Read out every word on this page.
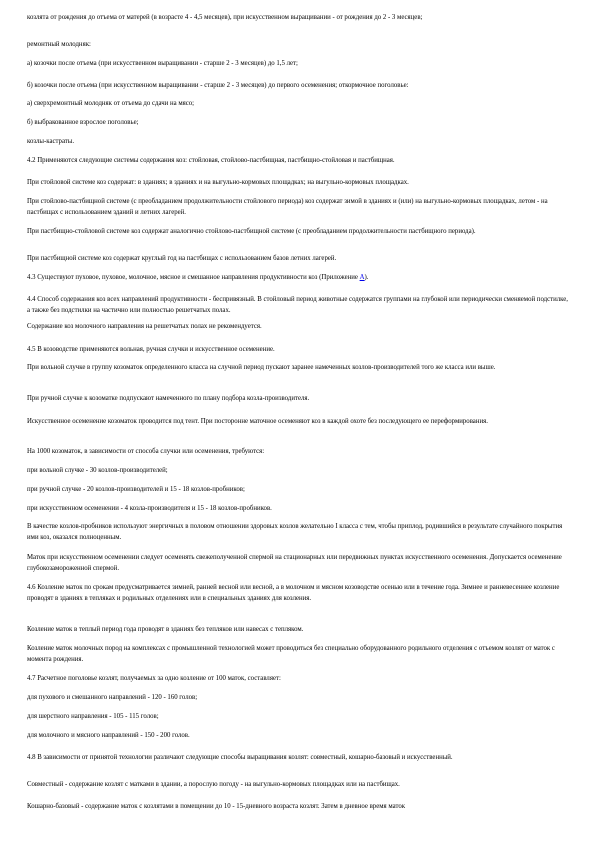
козлята от рождения до отъема от матерей (в возрасте 4 - 4,5 месяцев), при искусственном выращивании - от рождения до 2 - 3 месяцев;

ремонтный молодняк:

а) козочки после отъема (при искусственном выращивании - старше 2 - 3 месяцев) до 1,5 лет;

б) козочки после отъема (при искусственном выращивании - старше 2 - 3 месяцев) до первого осеменения; откормочное поголовье:

а) сверхремонтный молодняк от отъема до сдачи на мясо;

б) выбракованное взрослое поголовье;

козлы-кастраты.

4.2 Применяются следующие системы содержания коз: стойловая, стойлово-пастбищная, пастбищно-стойловая и пастбищная.

При стойловой системе коз содержат: в зданиях; в зданиях и на выгульно-кормовых площадках; на выгульно-кормовых площадках.

При стойлово-пастбищной системе (с преобладанием продолжительности стойлового периода) коз содержат зимой в зданиях и (или) на выгульно-кормовых площадках, летом - на пастбищах с использованием зданий и летних лагерей.

При пастбищно-стойловой системе коз содержат аналогично стойлово-пастбищной системе (с преобладанием продолжительности пастбищного периода).

При пастбищной системе коз содержат круглый год на пастбищах с использованием базов летних лагерей.

4.3 Существуют пуховое, пуховое, молочное, мясное и смешанное направления продуктивности коз (Приложение А).

4.4 Способ содержания коз всех направлений продуктивности - беспривязный. В стойловый период животные содержатся группами на глубокой или периодически сменяемой подстилке, а также без подстилки на частично или полностью решетчатых полах.

Содержание коз молочного направления на решетчатых полах не рекомендуется.

4.5 В козоводстве применяются вольная, ручная случки и искусственное осеменение.

При вольной случке в группу козоматок определенного класса на случной период пускают заранее намеченных козлов-производителей того же класса или выше.

При ручной случке к козоматке подпускают намеченного по плану подбора козла-производителя.

Искусственное осеменение козоматок проводится под тент. При посторонне маточное осеменяют коз в каждой охоте без последующего ее переформирования.

На 1000 козоматок, в зависимости от способа случки или осеменения, требуются:

при вольной случке - 30 козлов-производителей;

при ручной случке - 20 козлов-производителей и 15 - 18 козлов-пробников;

при искусственном осеменении - 4 козла-производителя и 15 - 18 козлов-пробников.

В качестве козлов-пробников используют энергичных в половом отношении здоровых козлов желательно I класса с тем, чтобы приплод, родившийся в результате случайного покрытия ими коз, оказался полноценным.

Маток при искусственном осеменении следует осеменять свежеполученной спермой на стационарных или передвижных пунктах искусственного осеменения. Допускается осеменение глубокозамороженной спермой.

4.6 Козление маток по срокам предусматривается зимней, ранней весной или весной, а в молочном и мясном козоводстве осенью или в течение года. Зимнее и ранневесеннее козление проводят в зданиях в тепляках и родильных отделениях или в специальных зданиях для козления.

Козление маток в теплый период года проводят в зданиях без тепляков или навесах с тепляком.

Козление маток молочных пород на комплексах с промышленной технологией может проводиться без специально оборудованного родильного отделения с отъемом козлят от маток с момента рождения.

4.7 Расчетное поголовье козлят, получаемых за одно козление от 100 маток, составляет:

для пухового и смешанного направлений - 120 - 160 голов;

для шерстного направления - 105 - 115 голов;

для молочного и мясного направлений - 150 - 200 голов.

4.8 В зависимости от принятой технологии различают следующие способы выращивания козлят: совместный, кошарно-базовый и искусственный.

Совместный - содержание козлят с матками в здании, а порослую погоду - на выгульно-кормовых площадках или на пастбищах.

Кошарно-базовый - содержание маток с козлятами в помещении до 10 - 15-дневного возраста козлят. Затем в дневное время маток
